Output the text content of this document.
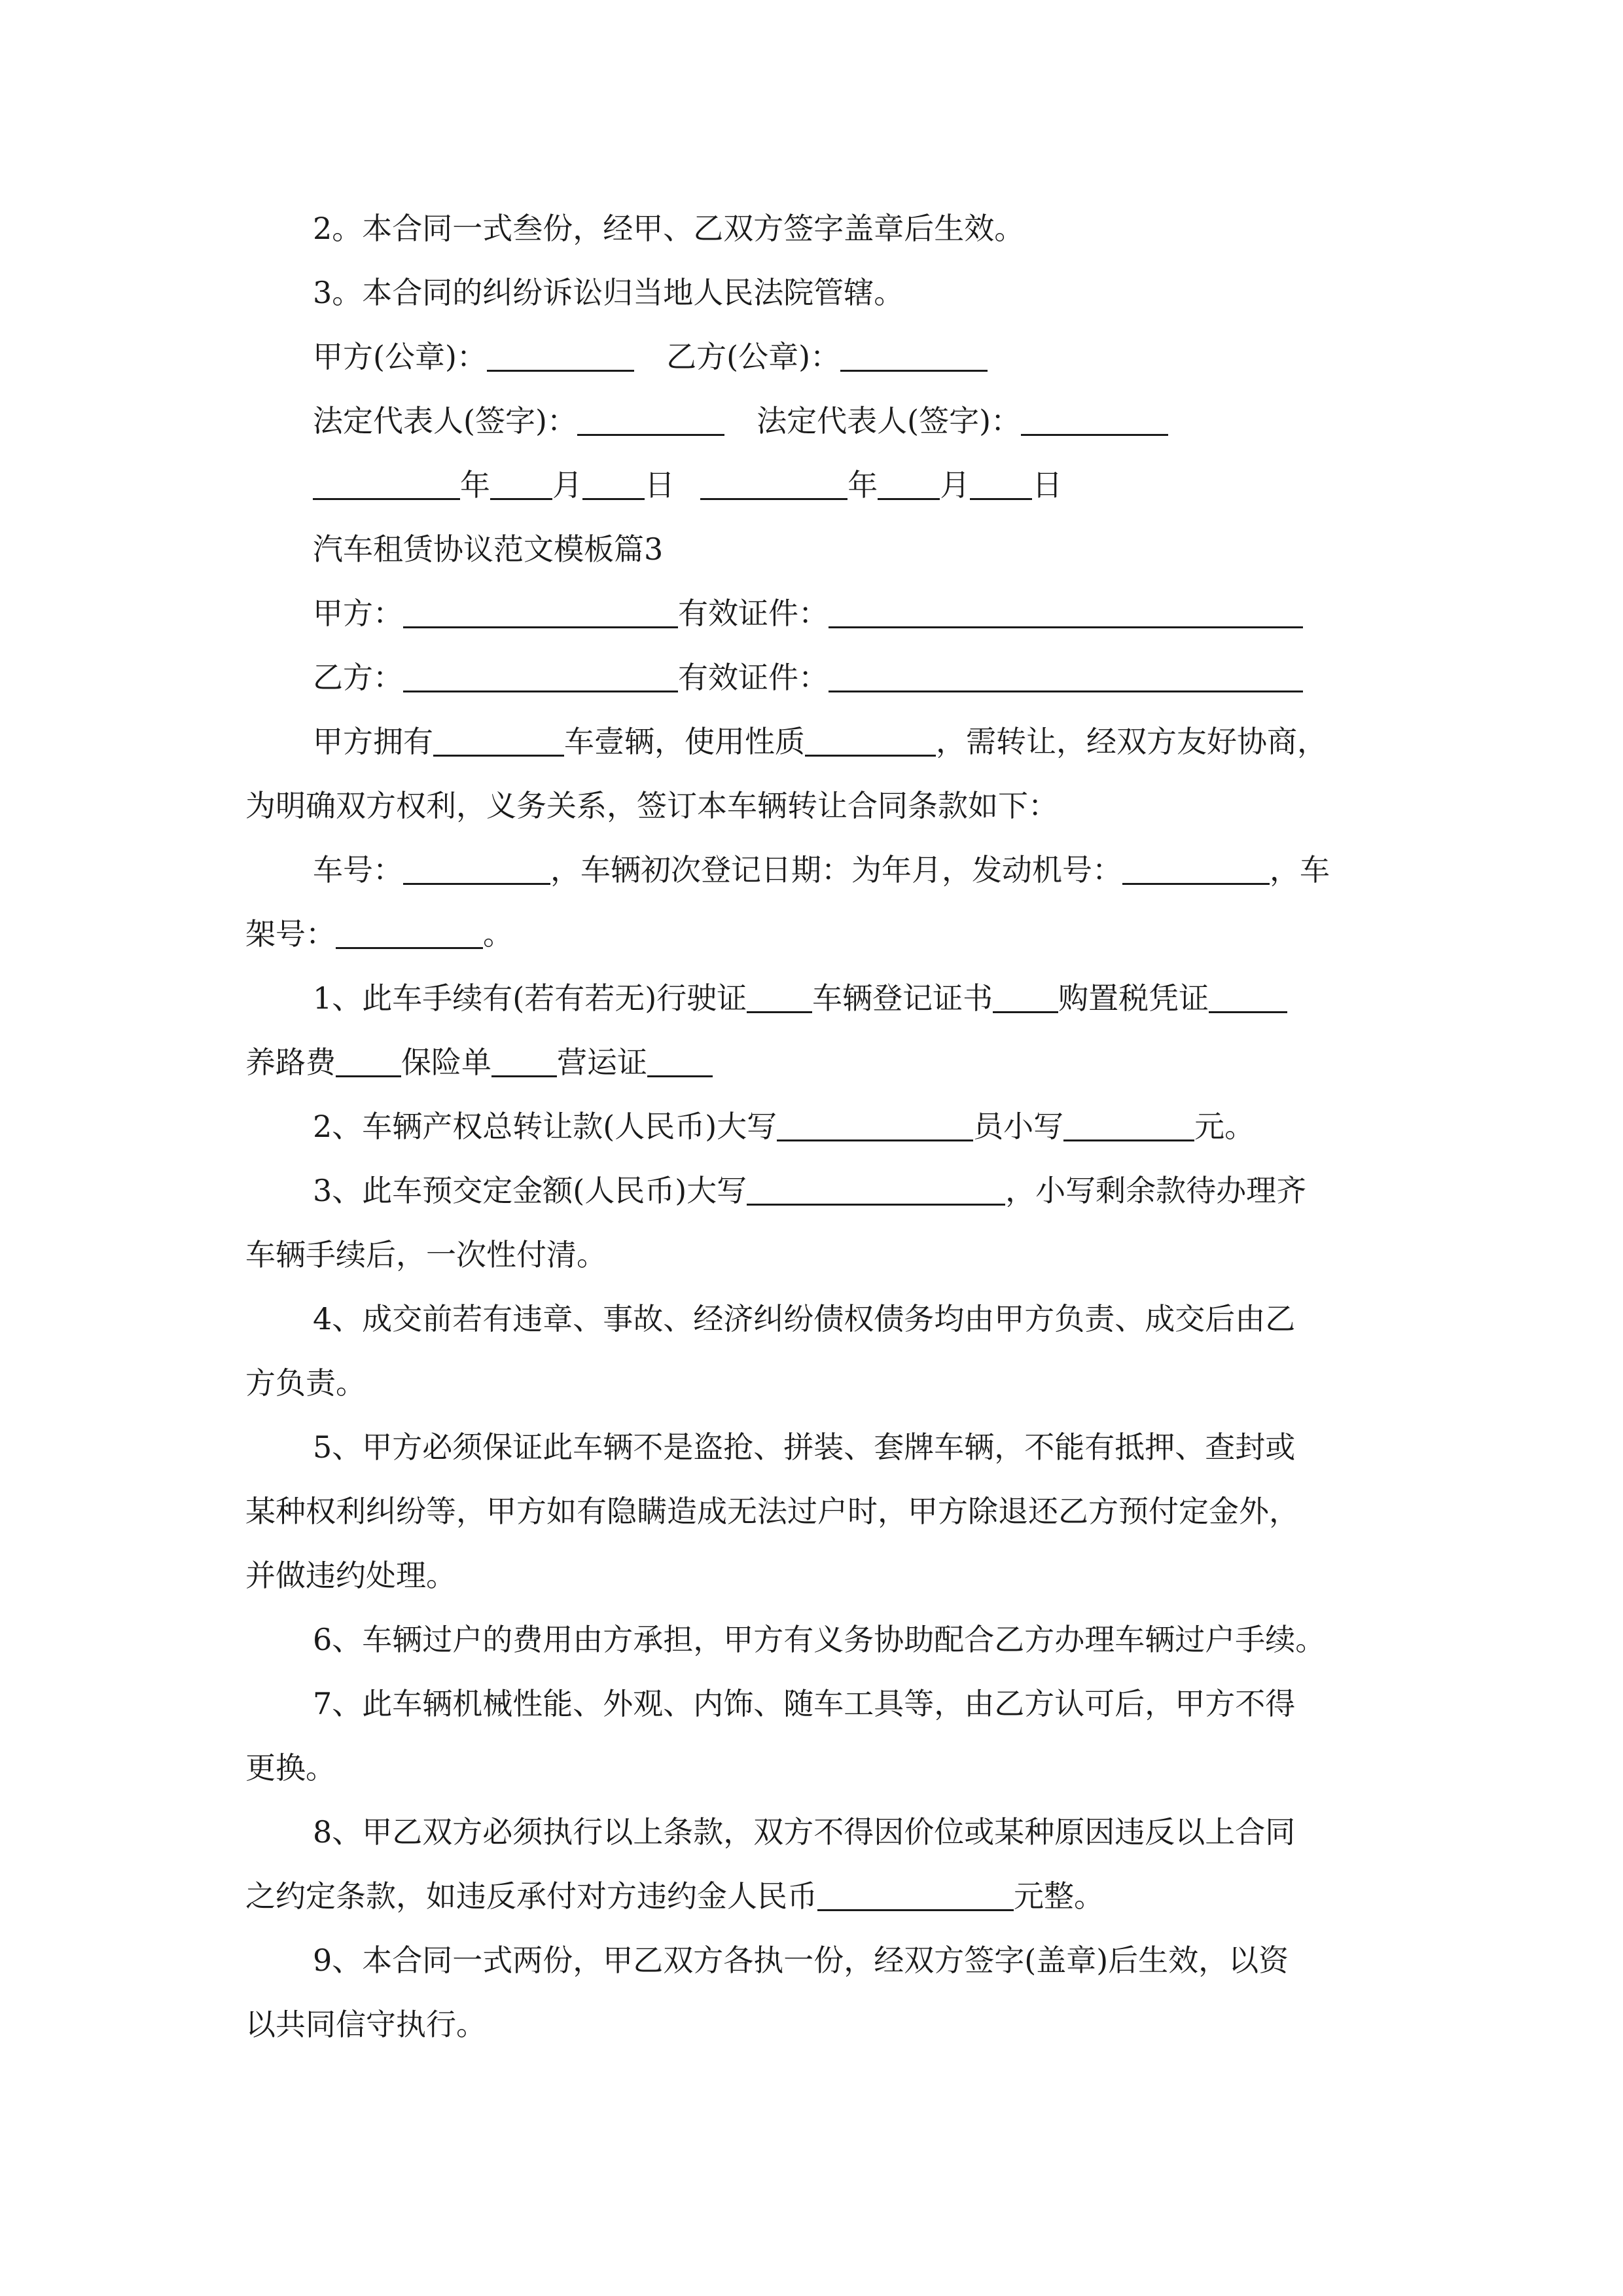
2。本合同一式叁份，经甲、乙双方签字盖章后生效。
3。本合同的纠纷诉讼归当地人民法院管辖。
甲方(公章)：	乙方(公章)：
法定代表人(签字)：	法定代表人(签字)：
年 月 日	年 月 日
汽车租赁协议范文模板篇3
甲方：	有效证件：
乙方：	有效证件：
甲方拥有	车壹辆，使用性质	，需转让，经双方友好协商，
为明确双方权利，义务关系，签订本车辆转让合同条款如下：
车号：	，车辆初次登记日期：为年月，发动机号：	，车
架号：	。
1、此车手续有(若有若无)行驶证 车辆登记证书 购置税凭证
养路费 保险单 营运证
2、车辆产权总转让款(人民币)大写	员小写	元。
3、此车预交定金额(人民币)大写	，小写剩余款待办理齐
车辆手续后，一次性付清。
4、成交前若有违章、事故、经济纠纷债权债务均由甲方负责、成交后由乙
方负责。
5、甲方必须保证此车辆不是盗抢、拼装、套牌车辆，不能有抵押、查封或
某种权利纠纷等，甲方如有隐瞒造成无法过户时，甲方除退还乙方预付定金外，
并做违约处理。
6、车辆过户的费用由方承担，甲方有义务协助配合乙方办理车辆过户手续。
7、此车辆机械性能、外观、内饰、随车工具等，由乙方认可后，甲方不得
更换。
8、甲乙双方必须执行以上条款，双方不得因价位或某种原因违反以上合同
之约定条款，如违反承付对方违约金人民币	元整。
9、本合同一式两份，甲乙双方各执一份，经双方签字(盖章)后生效，以资
以共同信守执行。
